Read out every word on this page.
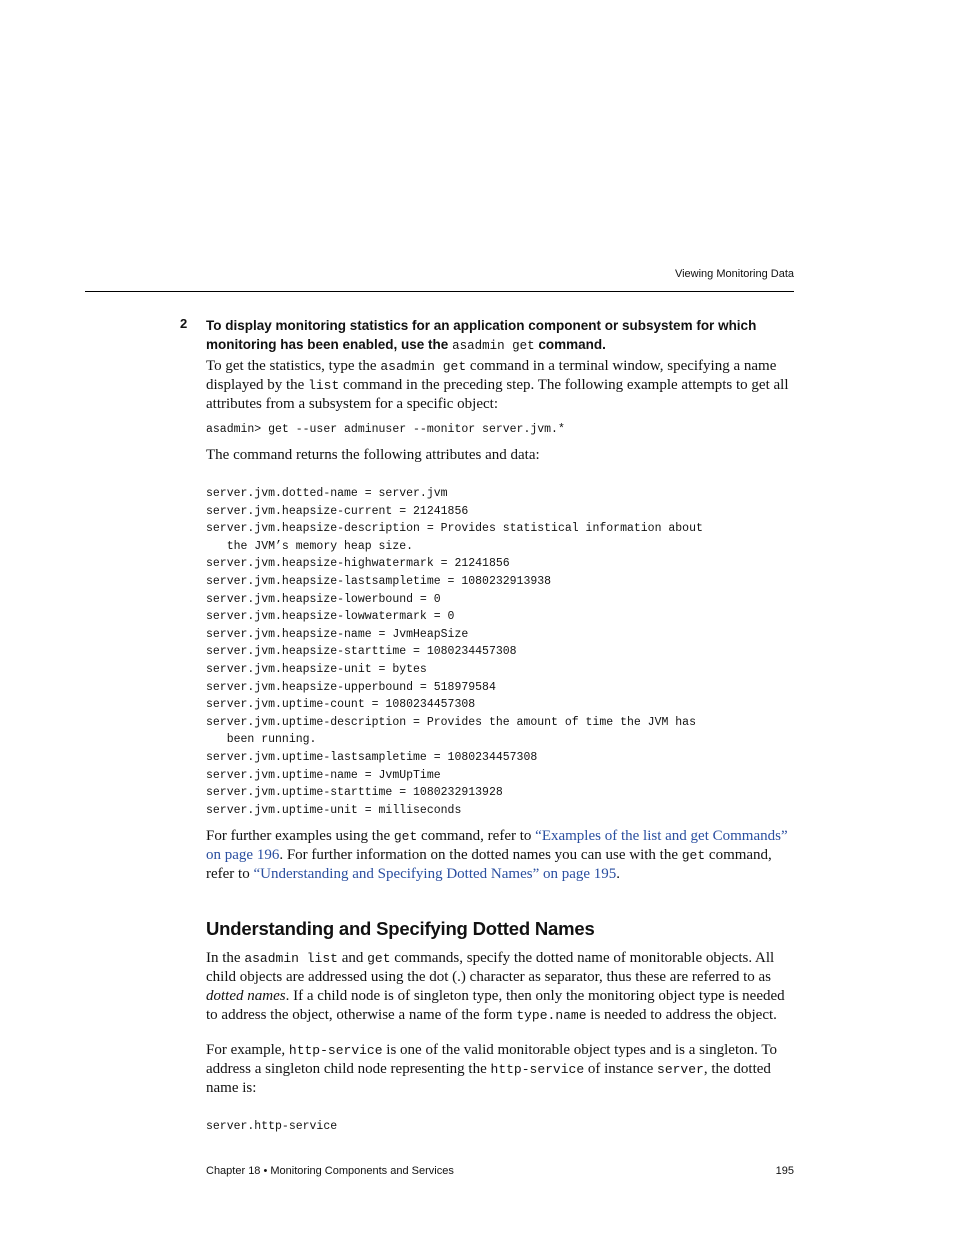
Viewing Monitoring Data
2 To display monitoring statistics for an application component or subsystem for which monitoring has been enabled, use the asadmin get command.
To get the statistics, type the asadmin get command in a terminal window, specifying a name displayed by the list command in the preceding step. The following example attempts to get all attributes from a subsystem for a specific object:
asadmin> get --user adminuser --monitor server.jvm.*
The command returns the following attributes and data:
server.jvm.dotted-name = server.jvm
server.jvm.heapsize-current = 21241856
server.jvm.heapsize-description = Provides statistical information about
the JVM’s memory heap size.
server.jvm.heapsize-highwatermark = 21241856
server.jvm.heapsize-lastsampletime = 1080232913938
server.jvm.heapsize-lowerbound = 0
server.jvm.heapsize-lowwatermark = 0
server.jvm.heapsize-name = JvmHeapSize
server.jvm.heapsize-starttime = 1080234457308
server.jvm.heapsize-unit = bytes
server.jvm.heapsize-upperbound = 518979584
server.jvm.uptime-count = 1080234457308
server.jvm.uptime-description = Provides the amount of time the JVM has
been running.
server.jvm.uptime-lastsampletime = 1080234457308
server.jvm.uptime-name = JvmUpTime
server.jvm.uptime-starttime = 1080232913928
server.jvm.uptime-unit = milliseconds
For further examples using the get command, refer to “Examples of the list and get Commands” on page 196. For further information on the dotted names you can use with the get command, refer to “Understanding and Specifying Dotted Names” on page 195.
Understanding and Specifying Dotted Names
In the asadmin list and get commands, specify the dotted name of monitorable objects. All child objects are addressed using the dot (.) character as separator, thus these are referred to as dotted names. If a child node is of singleton type, then only the monitoring object type is needed to address the object, otherwise a name of the form type.name is needed to address the object.
For example, http-service is one of the valid monitorable object types and is a singleton. To address a singleton child node representing the http-service of instance server, the dotted name is:
server.http-service
Chapter 18 • Monitoring Components and Services	195
